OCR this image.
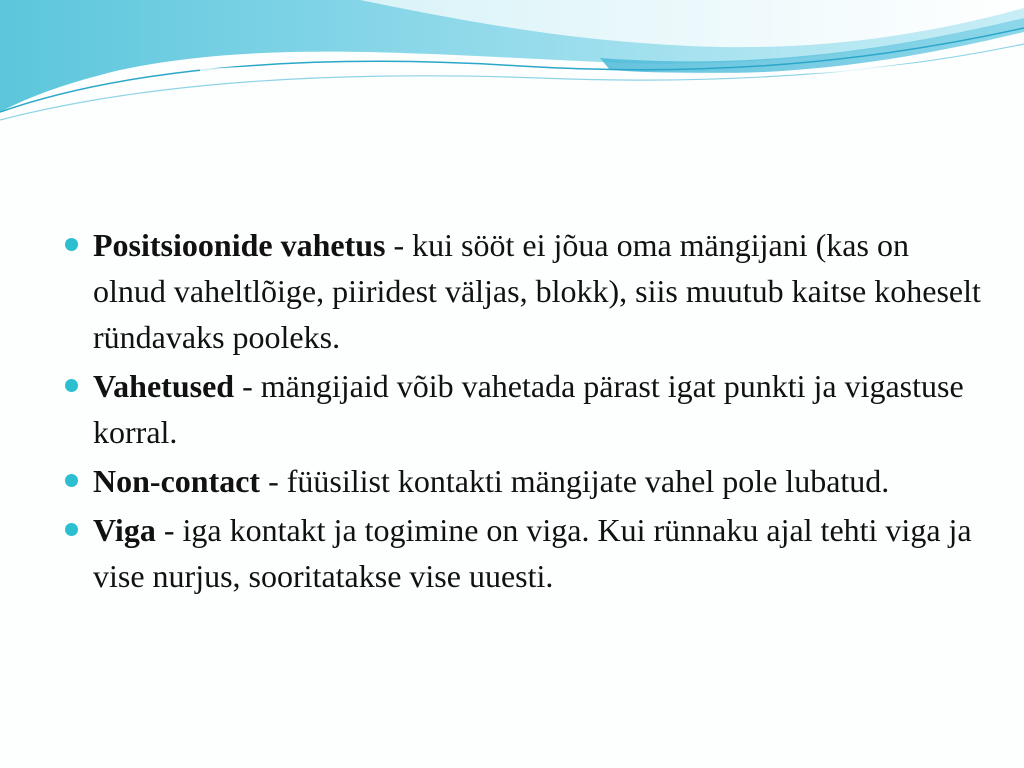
Positsioonide vahetus - kui sööt ei jõua oma mängijani (kas on olnud vaheltlõige, piiridest väljas, blokk), siis muutub kaitse koheselt ründavaks pooleks.
Vahetused - mängijaid võib vahetada pärast igat punkti ja vigastuse korral.
Non-contact - füüsilist kontakti mängijate vahel pole lubatud.
Viga - iga kontakt ja togimine on viga. Kui rünnaku ajal tehti viga ja vise nurjus, sooritatakse vise uuesti.
